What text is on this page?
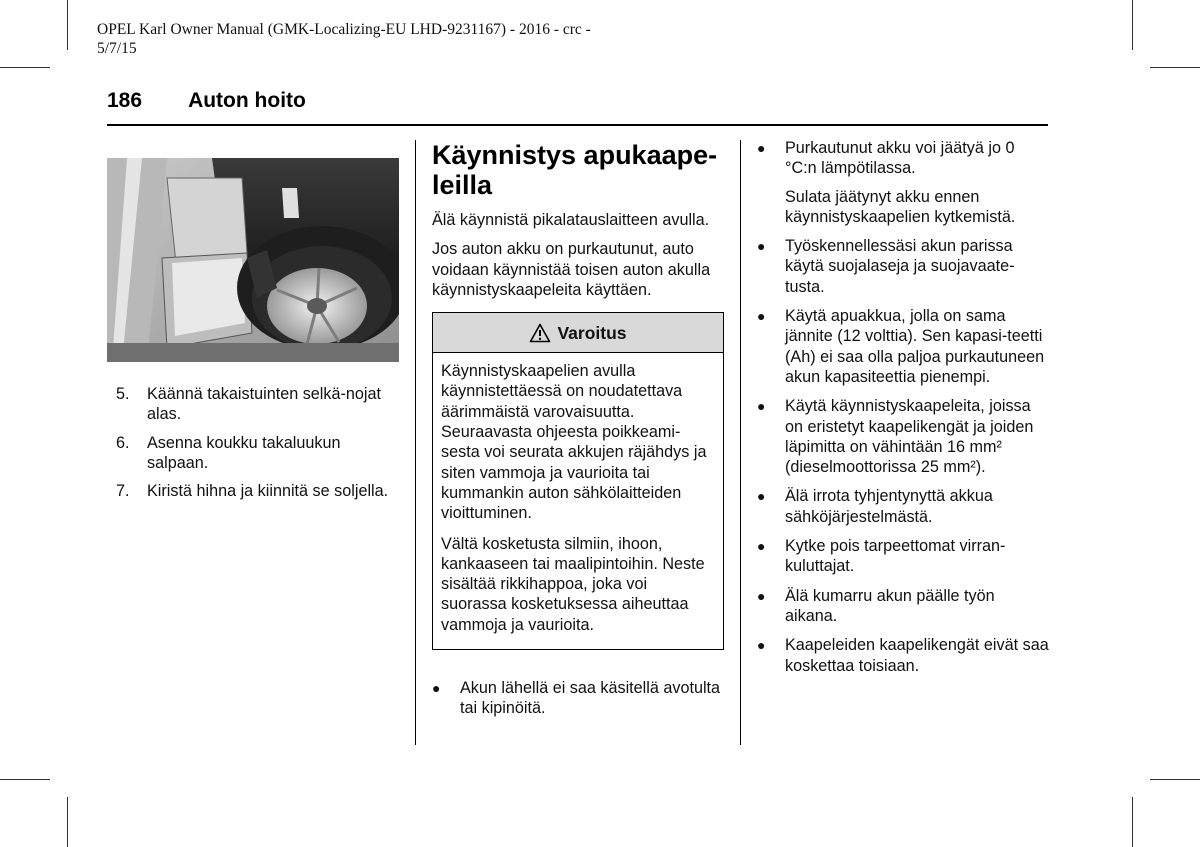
OPEL Karl Owner Manual (GMK-Localizing-EU LHD-9231167) - 2016 - crc -
5/7/15
186 Auton hoito
5.	Käännä takaistuinten selkä-nojat alas.
6.	Asenna koukku takaluukun salpaan.
7.	Kiristä hihna ja kiinnitä se soljella.
Käynnistys apukaape-leilla

Älä käynnistä pikalatauslaitteen avulla.

Jos auton akku on purkautunut, auto voidaan käynnistää toisen auton akulla käynnistyskaapeleita käyttäen.

Varoitus

Käynnistyskaapelien avulla käynnistettäessä on noudatettava äärimmäistä varovaisuutta. Seuraavasta ohjeesta poikkeami-sesta voi seurata akkujen räjähdys ja siten vammoja ja vaurioita tai kummankin auton sähkölaitteiden vioittuminen.

Vältä kosketusta silmiin, ihoon, kankaaseen tai maalipintoihin. Neste sisältää rikkihappoa, joka voi suorassa kosketuksessa aiheuttaa vammoja ja vaurioita.

●	Akun lähellä ei saa käsitellä avotulta tai kipinöitä.
●	Purkautunut akku voi jäätyä jo 0 °C:n lämpötilassa.

Sulata jäätynyt akku ennen käynnistyskaapelien kytkemistä.

●	Työskennellessäsi akun parissa käytä suojalaseja ja suojavaate-tusta.
●	Käytä apuakkua, jolla on sama jännite (12 volttia). Sen kapasi-teetti (Ah) ei saa olla paljoa purkautuneen akun kapasiteettia pienempi.
●	Käytä käynnistyskaapeleita, joissa on eristetyt kaapelikengät ja joiden läpimitta on vähintään 16 mm² (dieselmoottorissa 25 mm²).
●	Älä irrota tyhjentynyttä akkua sähköjärjestelmästä.
●	Kytke pois tarpeettomat virran-kuluttajat.
●	Älä kumarru akun päälle työn aikana.
●	Kaapeleiden kaapelikengät eivät saa koskettaa toisiaan.
